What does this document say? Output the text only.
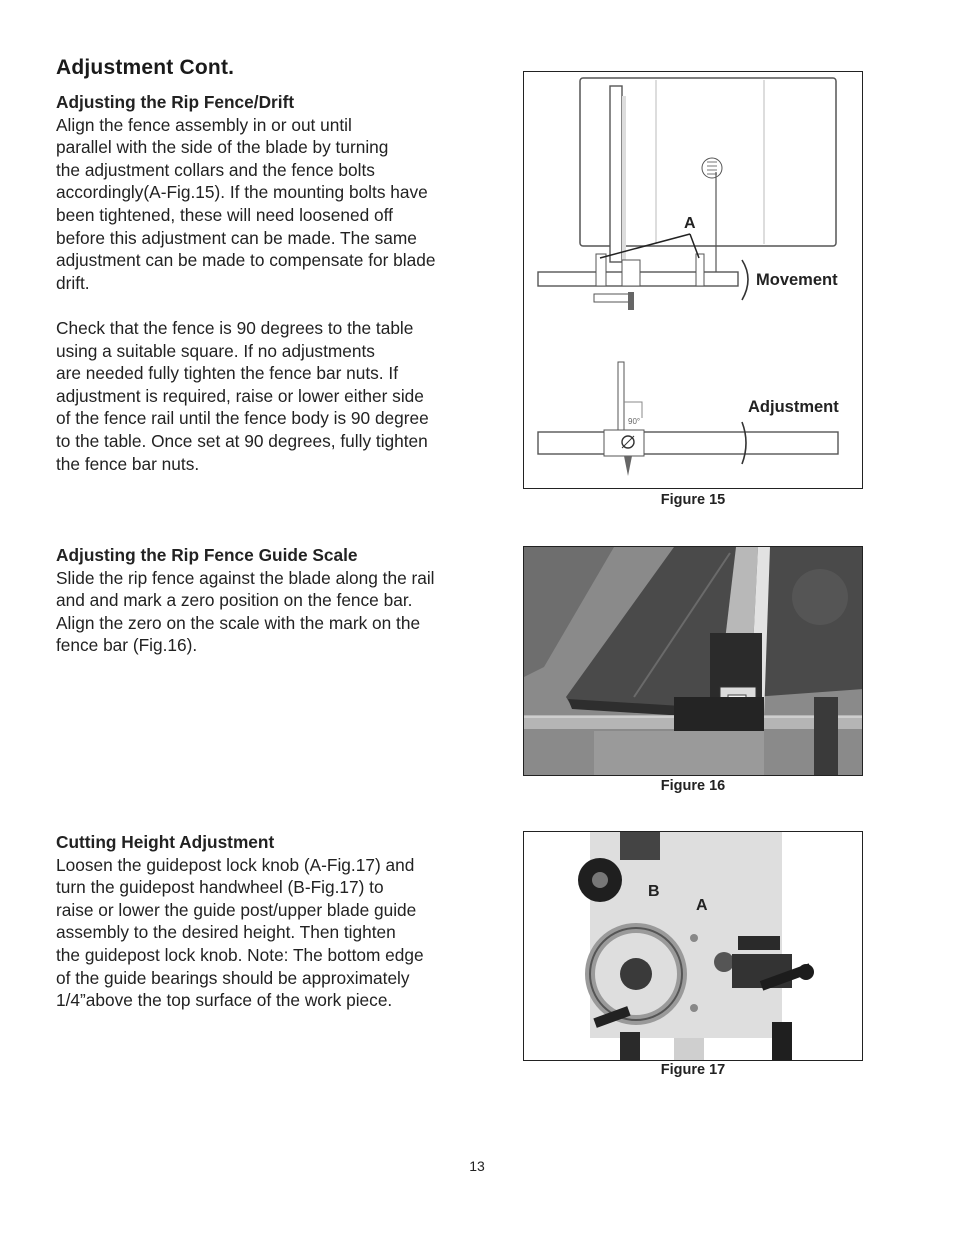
Adjustment Cont.
Adjusting the Rip Fence/Drift
Align the fence assembly in or out until
parallel with the side of the blade by turning
the adjustment collars and the fence bolts
accordingly(A-Fig.15). If the mounting bolts have
been tightened, these will need loosened off
before this adjustment can be made. The same
adjustment can be made to compensate for blade
drift.
Check that the fence is 90 degrees to the table
using a suitable square. If no adjustments
are needed fully tighten the fence bar nuts. If
adjustment is required, raise or lower either side
of the fence rail until the fence body is 90 degree
to the table. Once set at 90 degrees, fully tighten
the fence bar nuts.
Adjusting the Rip Fence Guide Scale
Slide the rip fence against the blade along the rail
and and mark a zero position on the fence bar.
Align the zero on the scale with the mark on the
fence bar (Fig.16).
Cutting Height Adjustment
Loosen the guidepost lock knob (A-Fig.17) and
turn the guidepost handwheel (B-Fig.17) to
raise or lower the guide post/upper blade guide
assembly to the desired height. Then tighten
the guidepost lock knob. Note: The bottom edge
of the guide bearings should be approximately
1/4”above the top surface of the work piece.
A
Movement
90°
Adjustment
Figure 15
Figure 16
B
A
Figure 17
13
